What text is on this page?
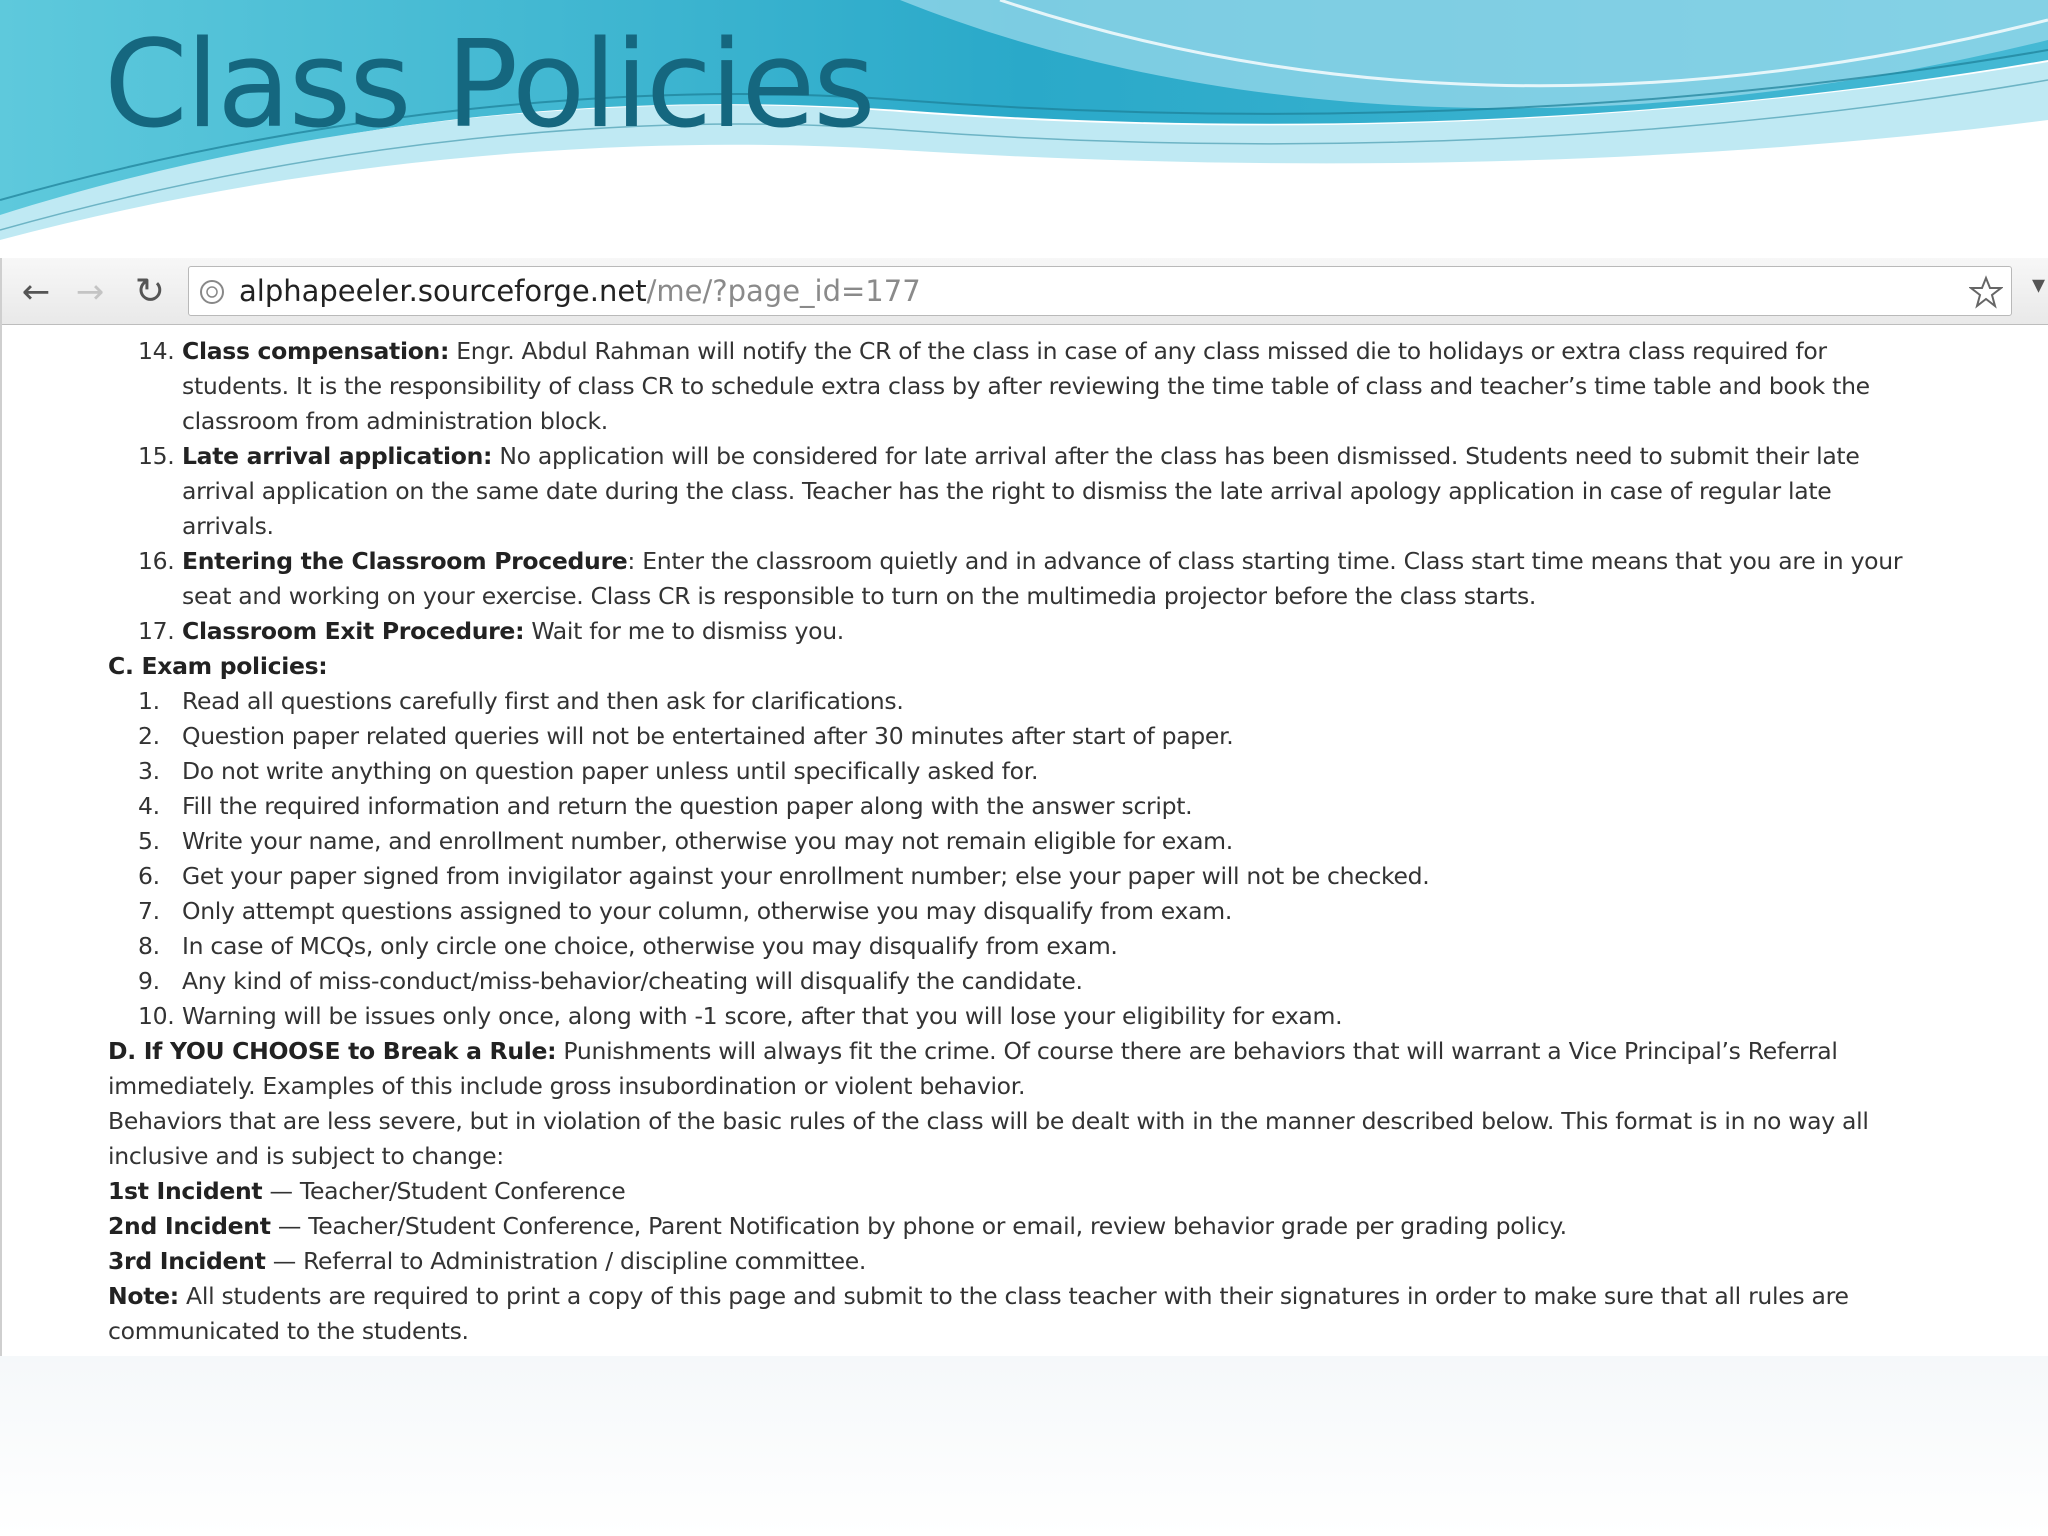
Class Policies
← → ↻	alphapeeler.sourceforge.net/me/?page_id=177	▾
14. Class compensation: Engr. Abdul Rahman will notify the CR of the class in case of any class missed die to holidays or extra class required for
students. It is the responsibility of class CR to schedule extra class by after reviewing the time table of class and teacher’s time table and book the
classroom from administration block.
15. Late arrival application: No application will be considered for late arrival after the class has been dismissed. Students need to submit their late
arrival application on the same date during the class. Teacher has the right to dismiss the late arrival apology application in case of regular late
arrivals.
16. Entering the Classroom Procedure: Enter the classroom quietly and in advance of class starting time. Class start time means that you are in your
seat and working on your exercise. Class CR is responsible to turn on the multimedia projector before the class starts.
17. Classroom Exit Procedure: Wait for me to dismiss you.
C. Exam policies:
1. Read all questions carefully first and then ask for clarifications.
2. Question paper related queries will not be entertained after 30 minutes after start of paper.
3. Do not write anything on question paper unless until specifically asked for.
4. Fill the required information and return the question paper along with the answer script.
5. Write your name, and enrollment number, otherwise you may not remain eligible for exam.
6. Get your paper signed from invigilator against your enrollment number; else your paper will not be checked.
7. Only attempt questions assigned to your column, otherwise you may disqualify from exam.
8. In case of MCQs, only circle one choice, otherwise you may disqualify from exam.
9. Any kind of miss-conduct/miss-behavior/cheating will disqualify the candidate.
10. Warning will be issues only once, along with -1 score, after that you will lose your eligibility for exam.
D. If YOU CHOOSE to Break a Rule: Punishments will always fit the crime. Of course there are behaviors that will warrant a Vice Principal’s Referral
immediately. Examples of this include gross insubordination or violent behavior.
Behaviors that are less severe, but in violation of the basic rules of the class will be dealt with in the manner described below. This format is in no way all
inclusive and is subject to change:
1st Incident — Teacher/Student Conference
2nd Incident — Teacher/Student Conference, Parent Notification by phone or email, review behavior grade per grading policy.
3rd Incident — Referral to Administration / discipline committee.
Note: All students are required to print a copy of this page and submit to the class teacher with their signatures in order to make sure that all rules are
communicated to the students.
